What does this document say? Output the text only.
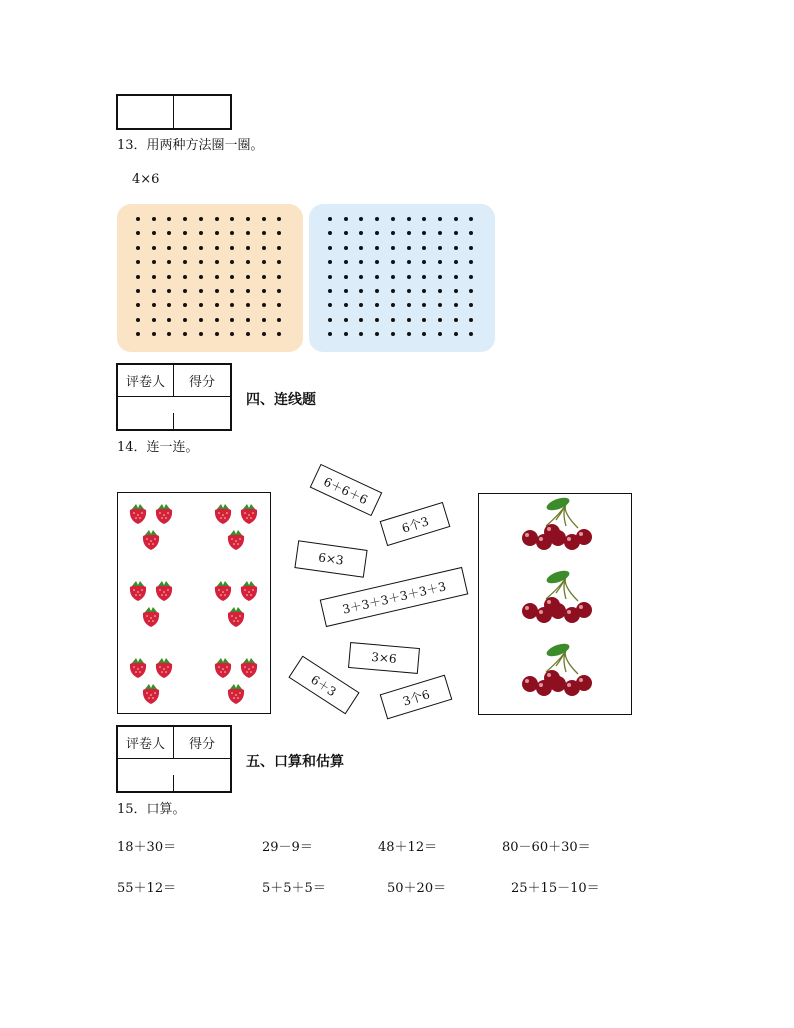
13．用两种方法圈一圈。
4×6
评卷人	得分
四、连线题
14．连一连。
6＋6＋6
6个3
6×3
3＋3＋3＋3＋3＋3
3×6
6＋3	3个6
评卷人	得分
五、口算和估算
15．口算。
18＋30＝	29－9＝	48＋12＝	80－60＋30＝
55＋12＝	5＋5＋5＝	50＋20＝	25＋15－10＝
